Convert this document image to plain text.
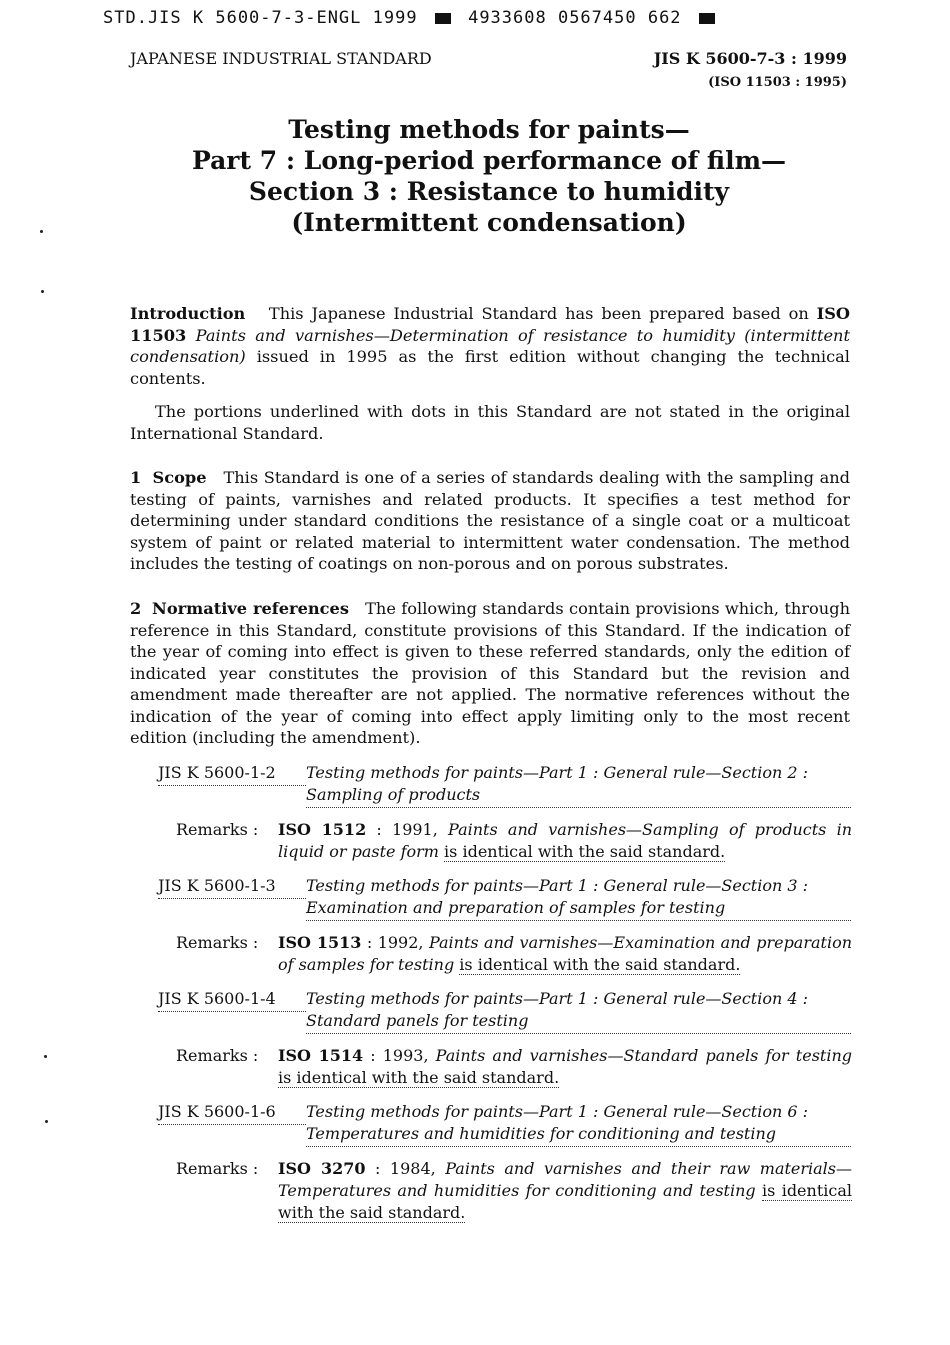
STD.JIS K 5600-7-3-ENGL 1999	4933608 0567450 662
JAPANESE INDUSTRIAL STANDARD	JIS K 5600-7-3 : 1999
(ISO 11503 : 1995)
Testing methods for paints—
Part 7 : Long-period performance of film—
Section 3 : Resistance to humidity
(Intermittent condensation)
Introduction This Japanese Industrial Standard has been prepared based on ISO 11503 Paints and varnishes—Determination of resistance to humidity (intermittent condensation) issued in 1995 as the first edition without changing the technical contents.
The portions underlined with dots in this Standard are not stated in the original International Standard.
1 Scope This Standard is one of a series of standards dealing with the sampling and testing of paints, varnishes and related products. It specifies a test method for determining under standard conditions the resistance of a single coat or a multicoat system of paint or related material to intermittent water condensation. The method includes the testing of coatings on non-porous and on porous substrates.
2 Normative references The following standards contain provisions which, through reference in this Standard, constitute provisions of this Standard. If the indication of the year of coming into effect is given to these referred standards, only the edition of indicated year constitutes the provision of this Standard but the revision and amendment made thereafter are not applied. The normative references without the indication of the year of coming into effect apply limiting only to the most recent edition (including the amendment).
JIS K 5600-1-2 Testing methods for paints—Part 1 : General rule—Section 2 : Sampling of products
Remarks : ISO 1512 : 1991, Paints and varnishes—Sampling of products in liquid or paste form is identical with the said standard.
JIS K 5600-1-3 Testing methods for paints—Part 1 : General rule—Section 3 : Examination and preparation of samples for testing
Remarks : ISO 1513 : 1992, Paints and varnishes—Examination and preparation of samples for testing is identical with the said standard.
JIS K 5600-1-4 Testing methods for paints—Part 1 : General rule—Section 4 : Standard panels for testing
Remarks : ISO 1514 : 1993, Paints and varnishes—Standard panels for testing is identical with the said standard.
JIS K 5600-1-6 Testing methods for paints—Part 1 : General rule—Section 6 : Temperatures and humidities for conditioning and testing
Remarks : ISO 3270 : 1984, Paints and varnishes and their raw materials—Temperatures and humidities for conditioning and testing is identical with the said standard.
